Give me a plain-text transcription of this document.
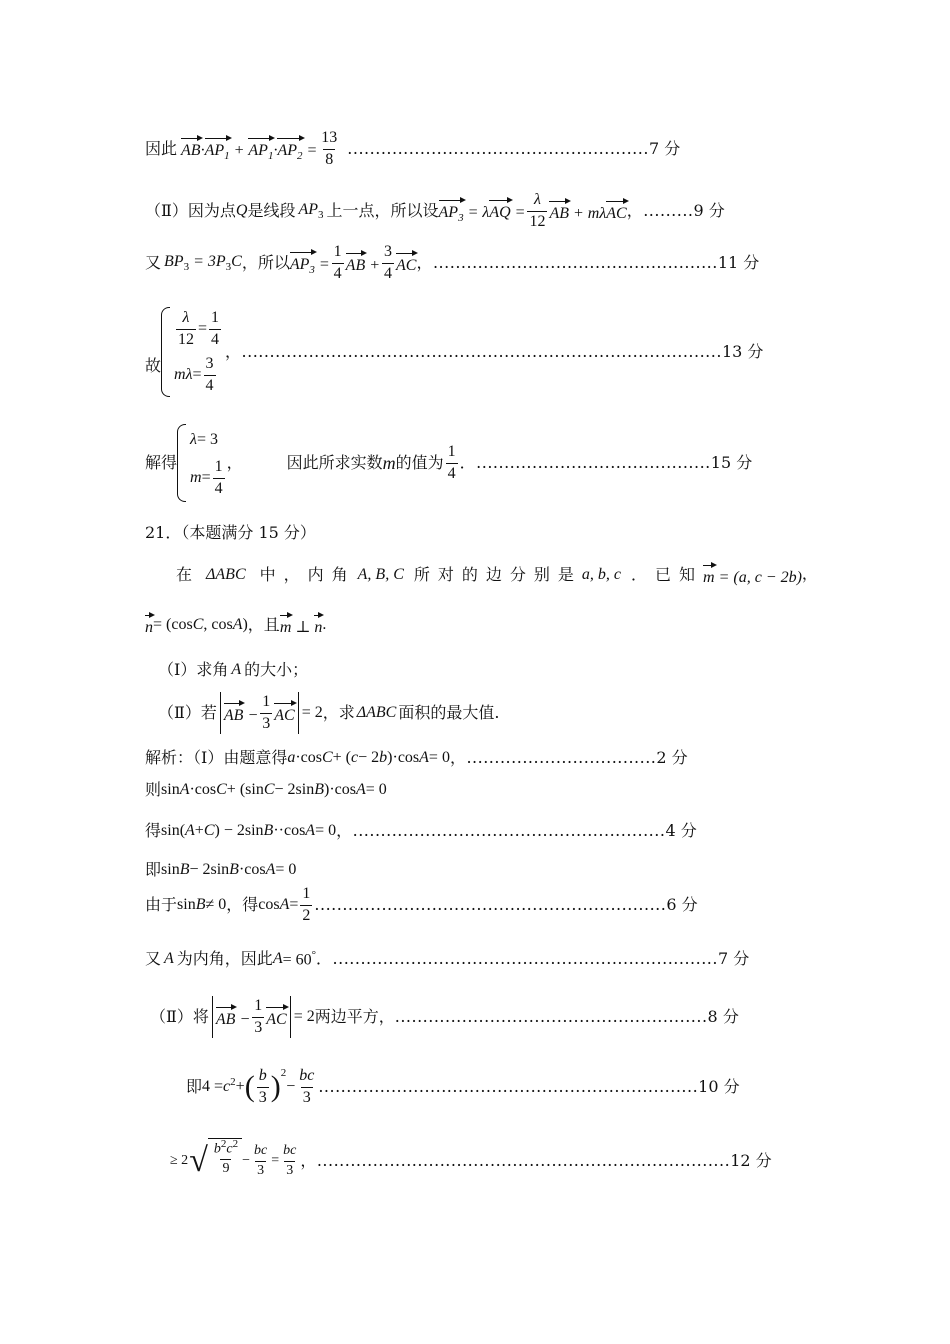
因此 $AB\cdot AP_1 + AP_1\cdot AP_2 = \frac{13}{8}$ ...................................................... 7 分
（Ⅱ）因为点 Q 是线段 $AP_3$ 上一点，所以设 $AP_3 = \lambda AQ = \frac{\lambda}{12}$ AB + mλAC ，......... 9 分
又 $BP_3 = 3P_3C$ ，所以 $AP_3 = \frac{1}{4}$ AB + $\frac{3}{4}$ AC ，................................................... 11 分
故
$\frac{\lambda}{12} = \frac{1}{4}$
$m\lambda = \frac{3}{4}$
，...................................................................................... 13 分
解得
λ = 3
$m = \frac{1}{4}$ ，	因此所求实数 m 的值为 $\frac{1}{4}$ ．.......................................... 15 分
21．（本题满分 15 分）
在 ΔABC 中，内角 A, B, C 所对的边分别是 a, b, c ．已知 m = (a, c − 2b) ，
n = (cos C , cos A ) ，且 m ⊥ n .
（Ⅰ）求角 A 的大小；
（Ⅱ）若 AB − $\frac{1}{3}$ AC = 2 ，求 ΔABC 面积的最大值.
解析：（Ⅰ）由题意得 a ·cos C + ( c − 2 b )·cos A = 0 ，.................................. 2 分
则 sin A ·cos C + (sin C − 2sin B )·cos A = 0
得 sin( A + C ) − 2sin B ··cos A = 0 ，........................................................ 4 分
即 sin B − 2sin B ·cos A = 0
由于 sin B ≠ 0 ，得 $\cos A = \frac{1}{2}$ ............................................................... 6 分
又 A 为内角，因此 A = 60° ．..................................................................... 7 分
（Ⅱ）将 AB − $\frac{1}{3}$ AC = 2 两边平方， ........................................................ 8 分
即 $4 = c^2$ + ( $\frac{b}{3} )^2$
− $\frac{bc}{3}$ .................................................................... 10 分
≥ 2 √ $\frac{b^2c^2}{9} - \frac{bc}{3} = \frac{bc}{3}$ ，.......................................................................... 12 分
